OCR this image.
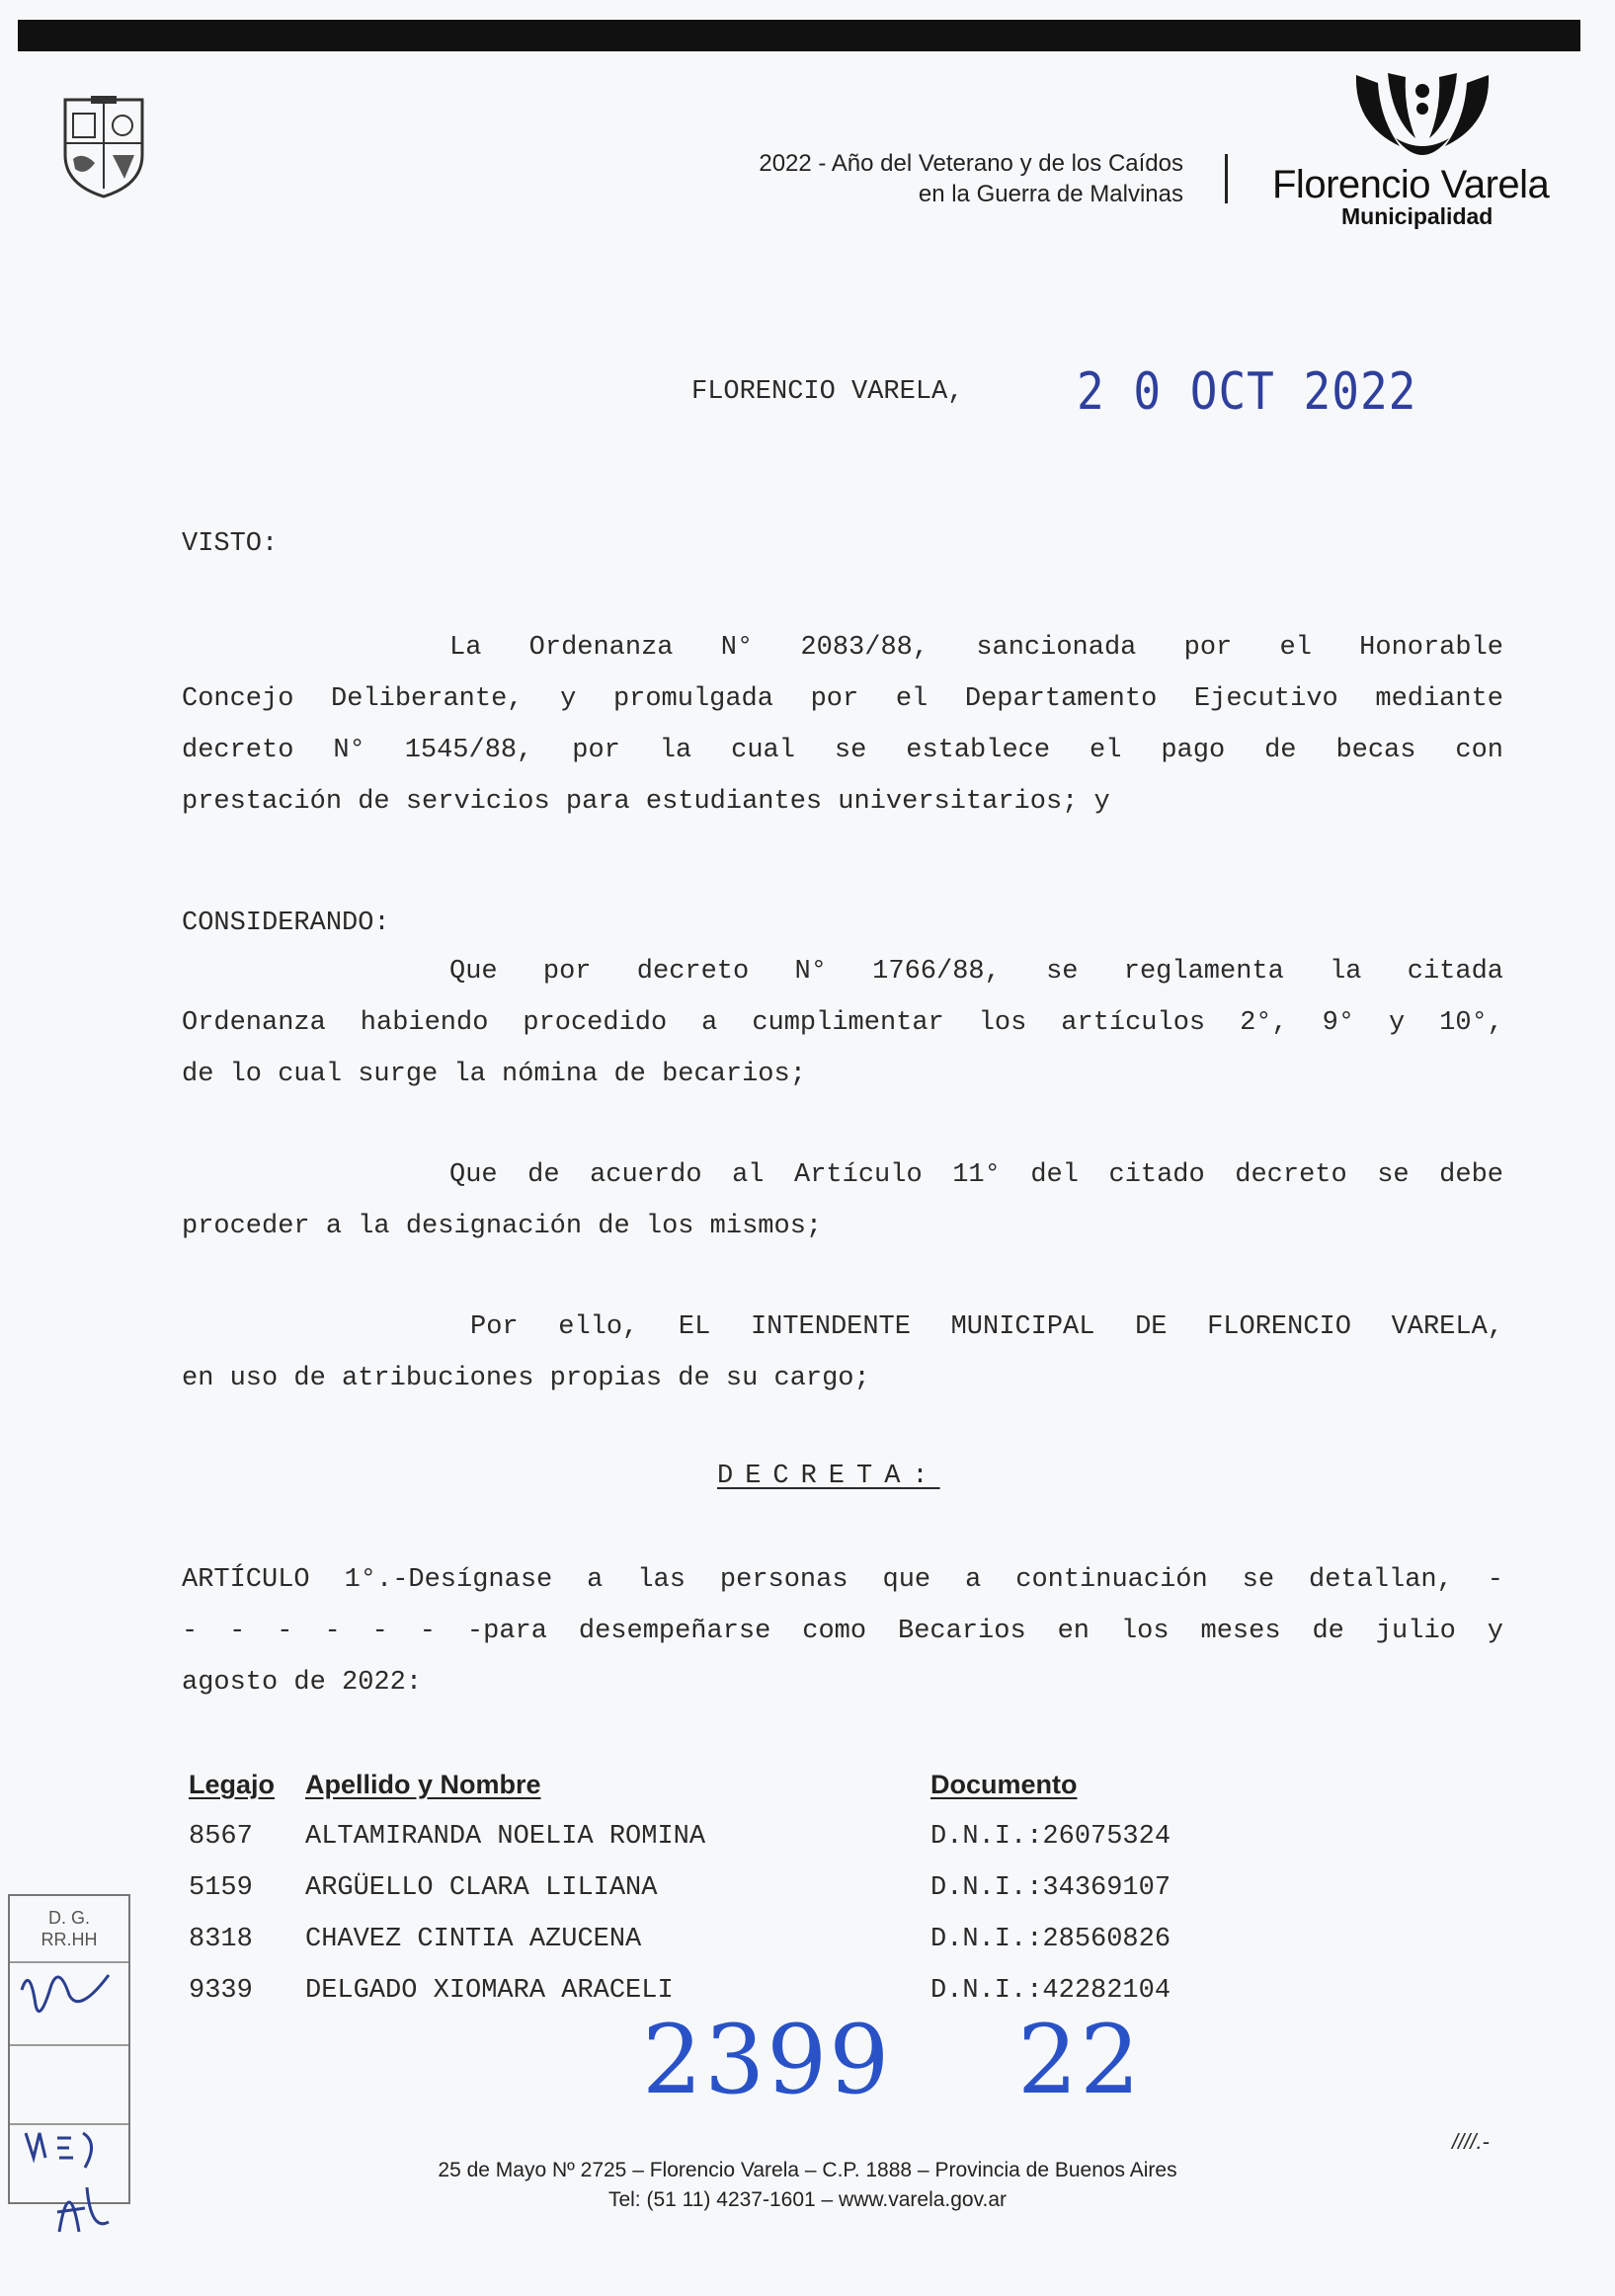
2022 - Año del Veterano y de los Caídos
en la Guerra de Malvinas Florencio Varela
Municipalidad
FLORENCIO VARELA, 2 0 OCT 2022
VISTO:
La Ordenanza N° 2083/88, sancionada por el Honorable
Concejo Deliberante, y promulgada por el Departamento Ejecutivo mediante
decreto N° 1545/88, por la cual se establece el pago de becas con
prestación de servicios para estudiantes universitarios; y
CONSIDERANDO:
Que por decreto N° 1766/88, se reglamenta la citada
Ordenanza habiendo procedido a cumplimentar los artículos 2°, 9° y 10°,
de lo cual surge la nómina de becarios;
Que de acuerdo al Artículo 11° del citado decreto se debe
proceder a la designación de los mismos;
Por ello, EL INTENDENTE MUNICIPAL DE FLORENCIO VARELA,
en uso de atribuciones propias de su cargo;
DECRETA:
ARTÍCULO 1°.-Desígnase a las personas que a continuación se detallan, -
- - - - - - -para desempeñarse como Becarios en los meses de julio y
agosto de 2022:
Legajo Apellido y Nombre	Documento
8567 ALTAMIRANDA NOELIA ROMINA	D.N.I.:26075324
5159 ARGÜELLO CLARA LILIANA	D.N.I.:34369107
8318 CHAVEZ CINTIA AZUCENA	D.N.I.:28560826
9339 DELGADO XIOMARA ARACELI	D.N.I.:42282104
2399 22
25 de Mayo Nº 2725 – Florencio Varela – C.P. 1888 – Provincia de Buenos Aires
Tel: (51 11) 4237-1601 – www.varela.gov.ar
////.-
D. G.
RR.HH
